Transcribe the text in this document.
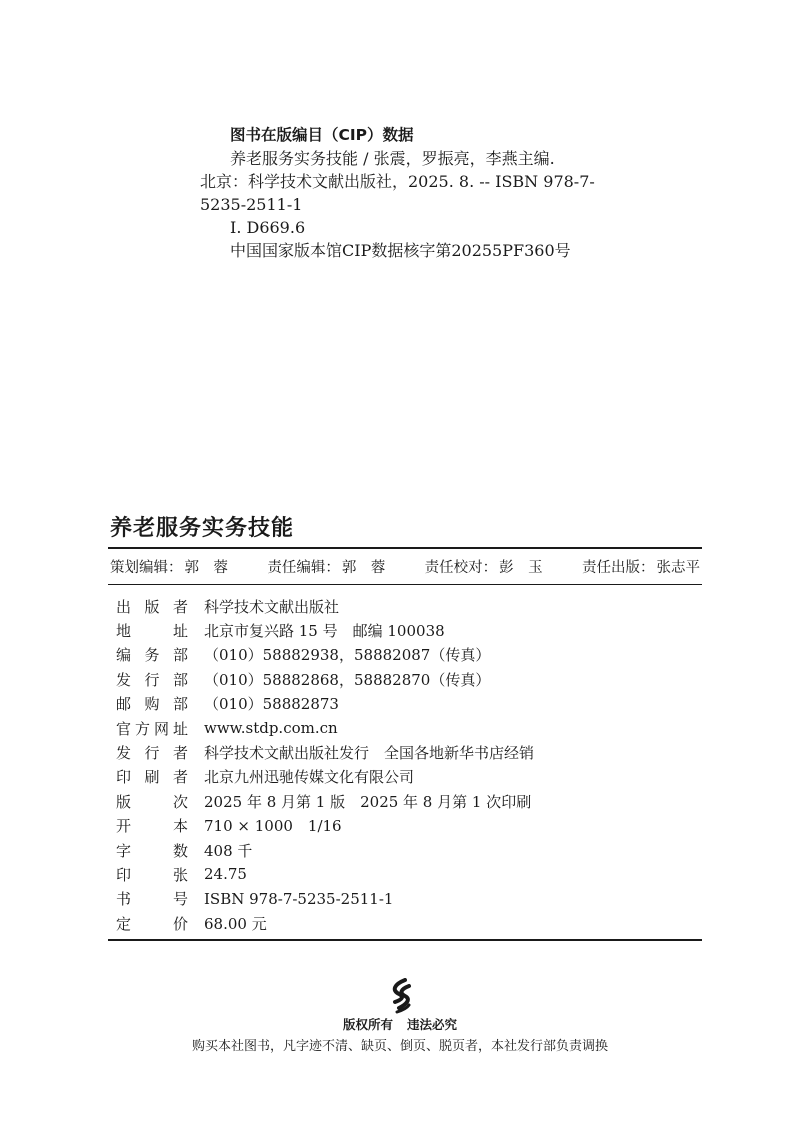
图书在版编目（CIP）数据
养老服务实务技能 / 张震，罗振亮，李燕主编.
北京：科学技术文献出版社，2025. 8. -- ISBN 978-7-
5235-2511-1
Ⅰ. D669.6
中国国家版本馆CIP数据核字第20255PF360号
养老服务实务技能
策划编辑： 郭　蓉	责任编辑： 郭　蓉	责任校对： 彭　玉	责任出版： 张志平
出 版 者 科学技术文献出版社
地	址 北京市复兴路 15 号　邮编 100038
编 务 部 （010）58882938，58882087（传真）
发 行 部 （010）58882868，58882870（传真）
邮 购 部 （010）58882873
官 方 网 址 www.stdp.com.cn
发 行 者 科学技术文献出版社发行　全国各地新华书店经销
印 刷 者 北京九州迅驰传媒文化有限公司
版	次 2025 年 8 月第 1 版　2025 年 8 月第 1 次印刷
开	本 710 × 1000　1/16
字	数 408 千
印	张 24.75
书	号 ISBN 978-7-5235-2511-1
定	价 68.00 元
版权所有 违法必究
购买本社图书，凡字迹不清、缺页、倒页、脱页者，本社发行部负责调换
